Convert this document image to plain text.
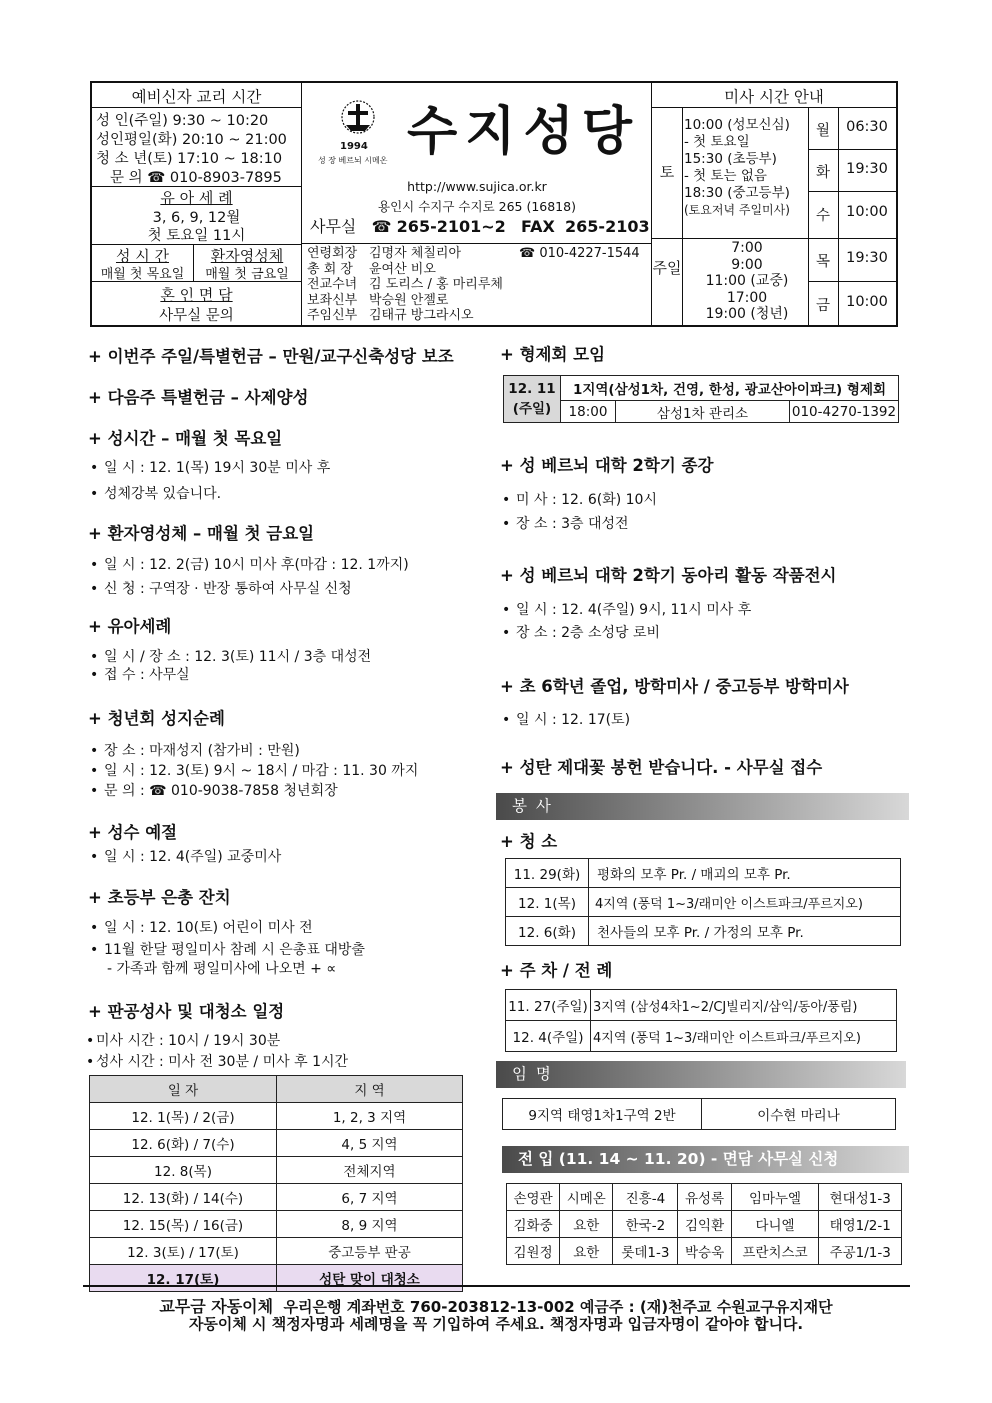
예비신자 교리 시간
성 인(주일) 9:30 ~ 10:20
성인평일(화) 20:10 ~ 21:00
청 소 년(토) 17:10 ~ 18:10
문 의 ☎ 010-8903-7895
유 아 세 례
3, 6, 9, 12월
첫 토요일 11시
성 시 간
매월 첫 목요일
환자영성체
매월 첫 금요일
혼 인 면 담
사무실 문의
1994
성 장 베르뇌 시메온 수지성당
http://www.sujica.or.kr
용인시 수지구 수지로 265 (16818)
사무실 ☎ 265-2101~2 FAX 265-2103
연령회장 김명자 체칠리아	☎ 010-4227-1544
총 회 장 윤여산 비오
전교수녀 김 도리스 / 홍 마리루체
보좌신부 박승원 안젤로
주임신부 김태규 방그라시오
미사 시간 안내
토
10:00 (성모신심)
- 첫 토요일
15:30 (초등부)
- 첫 토는 없음
18:30 (중고등부)
(토요저녁 주일미사)
주일
7:00
9:00
11:00 (교중)
17:00
19:00 (청년)
월	06:30
화	19:30
수	10:00
목	19:30
금	10:00
+ 이번주 주일/특별헌금 – 만원/교구신축성당 보조
+ 다음주 특별헌금 – 사제양성
+ 성시간 – 매월 첫 목요일
• 일 시 : 12. 1(목) 19시 30분 미사 후
• 성체강복 있습니다.
+ 환자영성체 – 매월 첫 금요일
• 일 시 : 12. 2(금) 10시 미사 후(마감 : 12. 1까지)
• 신 청 : 구역장 · 반장 통하여 사무실 신청
+ 유아세례
• 일 시 / 장 소 : 12. 3(토) 11시 / 3층 대성전
• 접 수 : 사무실
+ 청년회 성지순례
• 장 소 : 마재성지 (참가비 : 만원)
• 일 시 : 12. 3(토) 9시 ~ 18시 / 마감 : 11. 30 까지
• 문 의 : ☎ 010-9038-7858 청년회장
+ 성수 예절
• 일 시 : 12. 4(주일) 교중미사
+ 초등부 은총 잔치
• 일 시 : 12. 10(토) 어린이 미사 전
• 11월 한달 평일미사 참례 시 은총표 대방출
- 가족과 함께 평일미사에 나오면 + ∝
+ 판공성사 및 대청소 일정
• 미사 시간 : 10시 / 19시 30분
• 성사 시간 : 미사 전 30분 / 미사 후 1시간
일 자	지 역
12. 1(목) / 2(금)	1, 2, 3 지역
12. 6(화) / 7(수)	4, 5 지역
12. 8(목)	전체지역
12. 13(화) / 14(수)	6, 7 지역
12. 15(목) / 16(금)	8, 9 지역
12. 3(토) / 17(토)	중고등부 판공
12. 17(토)	성탄 맞이 대청소
+ 형제회 모임
12. 11
(주일)	1지역(삼성1차, 건영, 한성, 광교산아이파크) 형제회		
	18:00	삼성1차 관리소	010-4270-1392
+ 성 베르뇌 대학 2학기 종강
• 미 사 : 12. 6(화) 10시
• 장 소 : 3층 대성전
+ 성 베르뇌 대학 2학기 동아리 활동 작품전시
• 일 시 : 12. 4(주일) 9시, 11시 미사 후
• 장 소 : 2층 소성당 로비
+ 초 6학년 졸업, 방학미사 / 중고등부 방학미사
• 일 시 : 12. 17(토)
+ 성탄 제대꽃 봉헌 받습니다. - 사무실 접수
봉 사
+ 청 소
11. 29(화)	평화의 모후 Pr. / 매괴의 모후 Pr.
12. 1(목)	4지역 (풍덕 1~3/래미안 이스트파크/푸르지오)
12. 6(화)	천사들의 모후 Pr. / 가정의 모후 Pr.
+ 주 차 / 전 례
11. 27(주일)	3지역 (삼성4차1~2/CJ빌리지/삼익/동아/풍림)
12. 4(주일)	4지역 (풍덕 1~3/래미안 이스트파크/푸르지오)
임 명
9지역 태영1차1구역 2반	이수현 마리나
전 입 (11. 14 ~ 11. 20) - 면담 사무실 신청
손영관	시메온	진흥-4	유성록	임마누엘	현대성1-3
김화중	요한	한국-2	김익환	다니엘	태영1/2-1
김원정	요한	롯데1-3	박승욱	프란치스코	주공1/1-3
교무금 자동이체 우리은행 계좌번호 760-203812-13-002 예금주 : (재)천주교 수원교구유지재단
자동이체 시 책정자명과 세례명을 꼭 기입하여 주세요. 책정자명과 입금자명이 같아야 합니다.
